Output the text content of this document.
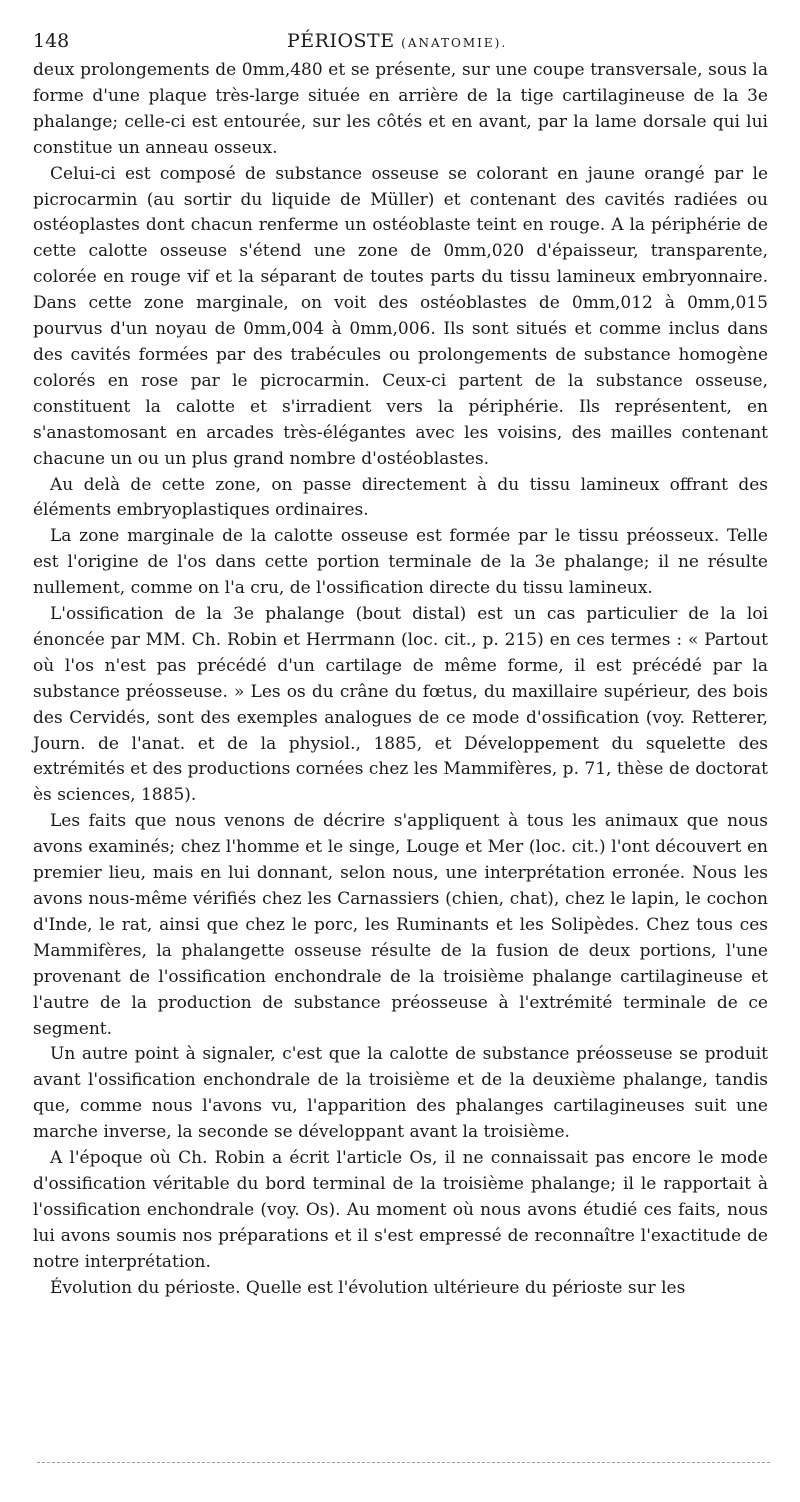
148	PÉRIOSTE (ANATOMIE).

deux prolongements de 0mm,480 et se présente, sur une coupe transversale, sous la forme d'une plaque très-large située en arrière de la tige cartilagineuse de la 3e phalange; celle-ci est entourée, sur les côtés et en avant, par la lame dorsale qui lui constitue un anneau osseux.

Celui-ci est composé de substance osseuse se colorant en jaune orangé par le picrocarmin (au sortir du liquide de Müller) et contenant des cavités radiées ou ostéoplastes dont chacun renferme un ostéoblaste teint en rouge. A la périphérie de cette calotte osseuse s'étend une zone de 0mm,020 d'épaisseur, transparente, colorée en rouge vif et la séparant de toutes parts du tissu lamineux embryonnaire. Dans cette zone marginale, on voit des ostéoblastes de 0mm,012 à 0mm,015 pourvus d'un noyau de 0mm,004 à 0mm,006. Ils sont situés et comme inclus dans des cavités formées par des trabécules ou prolongements de substance homogène colorés en rose par le picrocarmin. Ceux-ci partent de la substance osseuse, constituent la calotte et s'irradient vers la périphérie. Ils représentent, en s'anastomosant en arcades très-élégantes avec les voisins, des mailles contenant chacune un ou un plus grand nombre d'ostéoblastes.

Au delà de cette zone, on passe directement à du tissu lamineux offrant des éléments embryoplastiques ordinaires.

La zone marginale de la calotte osseuse est formée par le tissu préosseux. Telle est l'origine de l'os dans cette portion terminale de la 3e phalange; il ne résulte nullement, comme on l'a cru, de l'ossification directe du tissu lamineux.

L'ossification de la 3e phalange (bout distal) est un cas particulier de la loi énoncée par MM. Ch. Robin et Herrmann (loc. cit., p. 215) en ces termes : « Partout où l'os n'est pas précédé d'un cartilage de même forme, il est précédé par la substance préosseuse. » Les os du crâne du fœtus, du maxillaire supérieur, des bois des Cervidés, sont des exemples analogues de ce mode d'ossification (voy. Retterer, Journ. de l'anat. et de la physiol., 1885, et Développement du squelette des extrémités et des productions cornées chez les Mammifères, p. 71, thèse de doctorat ès sciences, 1885).

Les faits que nous venons de décrire s'appliquent à tous les animaux que nous avons examinés; chez l'homme et le singe, Louge et Mer (loc. cit.) l'ont découvert en premier lieu, mais en lui donnant, selon nous, une interprétation erronée. Nous les avons nous-même vérifiés chez les Carnassiers (chien, chat), chez le lapin, le cochon d'Inde, le rat, ainsi que chez le porc, les Ruminants et les Solipèdes. Chez tous ces Mammifères, la phalangette osseuse résulte de la fusion de deux portions, l'une provenant de l'ossification enchondrale de la troisième phalange cartilagineuse et l'autre de la production de substance préosseuse à l'extrémité terminale de ce segment.

Un autre point à signaler, c'est que la calotte de substance préosseuse se produit avant l'ossification enchondrale de la troisième et de la deuxième phalange, tandis que, comme nous l'avons vu, l'apparition des phalanges cartilagineuses suit une marche inverse, la seconde se développant avant la troisième.

A l'époque où Ch. Robin a écrit l'article Os, il ne connaissait pas encore le mode d'ossification véritable du bord terminal de la troisième phalange; il le rapportait à l'ossification enchondrale (voy. Os). Au moment où nous avons étudié ces faits, nous lui avons soumis nos préparations et il s'est empressé de reconnaître l'exactitude de notre interprétation.

Évolution du périoste. Quelle est l'évolution ultérieure du périoste sur les
